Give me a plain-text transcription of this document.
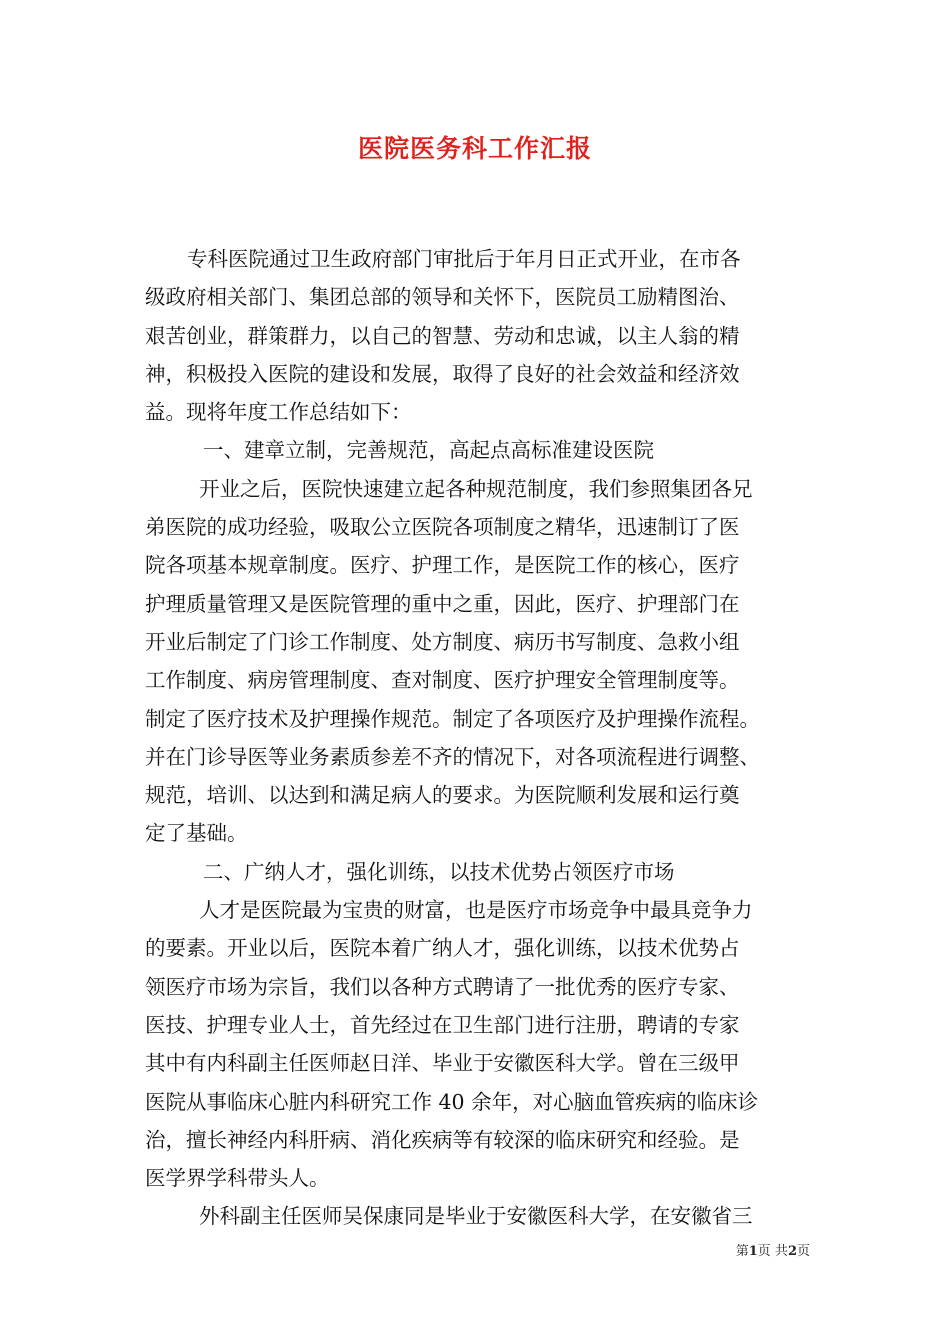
医院医务科工作汇报
专科医院通过卫生政府部门审批后于年月日正式开业，在市各
级政府相关部门、集团总部的领导和关怀下，医院员工励精图治、
艰苦创业，群策群力，以自己的智慧、劳动和忠诚，以主人翁的精
神，积极投入医院的建设和发展，取得了良好的社会效益和经济效
益。现将年度工作总结如下：
一、建章立制，完善规范，高起点高标准建设医院
开业之后，医院快速建立起各种规范制度，我们参照集团各兄
弟医院的成功经验，吸取公立医院各项制度之精华，迅速制订了医
院各项基本规章制度。医疗、护理工作，是医院工作的核心，医疗
护理质量管理又是医院管理的重中之重，因此，医疗、护理部门在
开业后制定了门诊工作制度、处方制度、病历书写制度、急救小组
工作制度、病房管理制度、查对制度、医疗护理安全管理制度等。
制定了医疗技术及护理操作规范。制定了各项医疗及护理操作流程。
并在门诊导医等业务素质参差不齐的情况下，对各项流程进行调整、
规范，培训、以达到和满足病人的要求。为医院顺利发展和运行奠
定了基础。
二、广纳人才，强化训练，以技术优势占领医疗市场
人才是医院最为宝贵的财富，也是医疗市场竞争中最具竞争力
的要素。开业以后，医院本着广纳人才，强化训练，以技术优势占
领医疗市场为宗旨，我们以各种方式聘请了一批优秀的医疗专家、
医技、护理专业人士，首先经过在卫生部门进行注册，聘请的专家
其中有内科副主任医师赵日洋、毕业于安徽医科大学。曾在三级甲
医院从事临床心脏内科研究工作 40 余年，对心脑血管疾病的临床诊
治，擅长神经内科肝病、消化疾病等有较深的临床研究和经验。是
医学界学科带头人。
外科副主任医师吴保康同是毕业于安徽医科大学，在安徽省三
第1页 共2页
